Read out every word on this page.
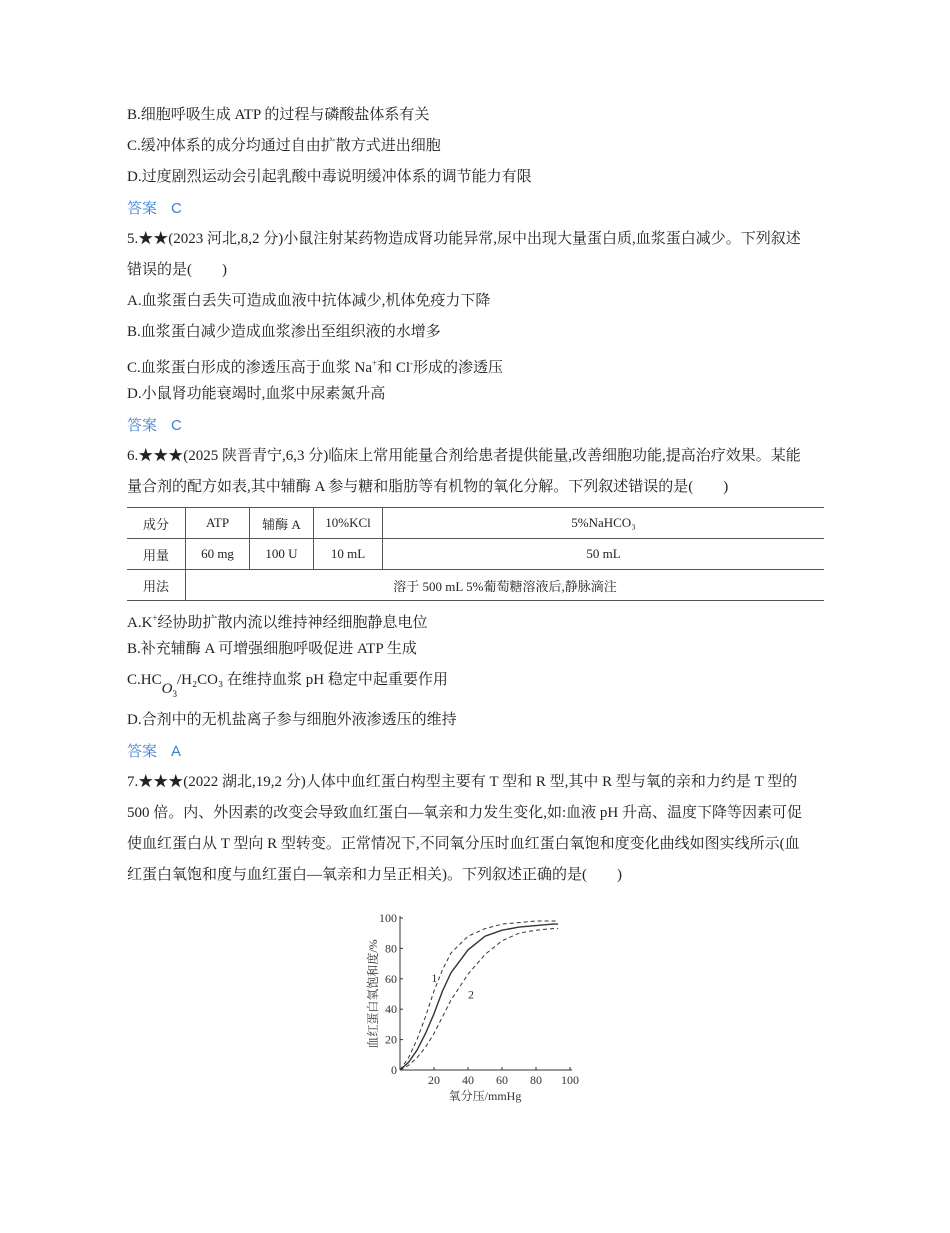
B.细胞呼吸生成 ATP 的过程与磷酸盐体系有关
C.缓冲体系的成分均通过自由扩散方式进出细胞
D.过度剧烈运动会引起乳酸中毒说明缓冲体系的调节能力有限
答案 C
5.★★(2023 河北,8,2 分)小鼠注射某药物造成肾功能异常,尿中出现大量蛋白质,血浆蛋白减少。下列叙述
错误的是(　　)
A.血浆蛋白丢失可造成血液中抗体减少,机体免疫力下降
B.血浆蛋白减少造成血浆渗出至组织液的水增多
C.血浆蛋白形成的渗透压高于血浆 Na+和 Cl-形成的渗透压
D.小鼠肾功能衰竭时,血浆中尿素氮升高
答案 C
6.★★★(2025 陕晋青宁,6,3 分)临床上常用能量合剂给患者提供能量,改善细胞功能,提高治疗效果。某能
量合剂的配方如表,其中辅酶 A 参与糖和脂肪等有机物的氧化分解。下列叙述错误的是(　　)
成分	ATP	辅酶 A	10%KCl	5%NaHCO₃
用量	60 mg	100 U	10 mL	50 mL
用法	溶于 500 mL 5%葡萄糖溶液后,静脉滴注			
A.K+经协助扩散内流以维持神经细胞静息电位
B.补充辅酶 A 可增强细胞呼吸促进 ATP 生成
$C.HCO_3$/H₂CO₃ 在维持血浆 pH 稳定中起重要作用
D.合剂中的无机盐离子参与细胞外液渗透压的维持
答案 A
7.★★★(2022 湖北,19,2 分)人体中血红蛋白构型主要有 T 型和 R 型,其中 R 型与氧的亲和力约是 T 型的
500 倍。内、外因素的改变会导致血红蛋白—氧亲和力发生变化,如:血液 pH 升高、温度下降等因素可促
使血红蛋白从 T 型向 R 型转变。正常情况下,不同氧分压时血红蛋白氧饱和度变化曲线如图实线所示(血
红蛋白氧饱和度与血红蛋白—氧亲和力呈正相关)。下列叙述正确的是(　　)
20 40 60 80 100
20
40
60
80
100
0
1
2
氧分压/mmHg
血红蛋白氧饱和度/%
